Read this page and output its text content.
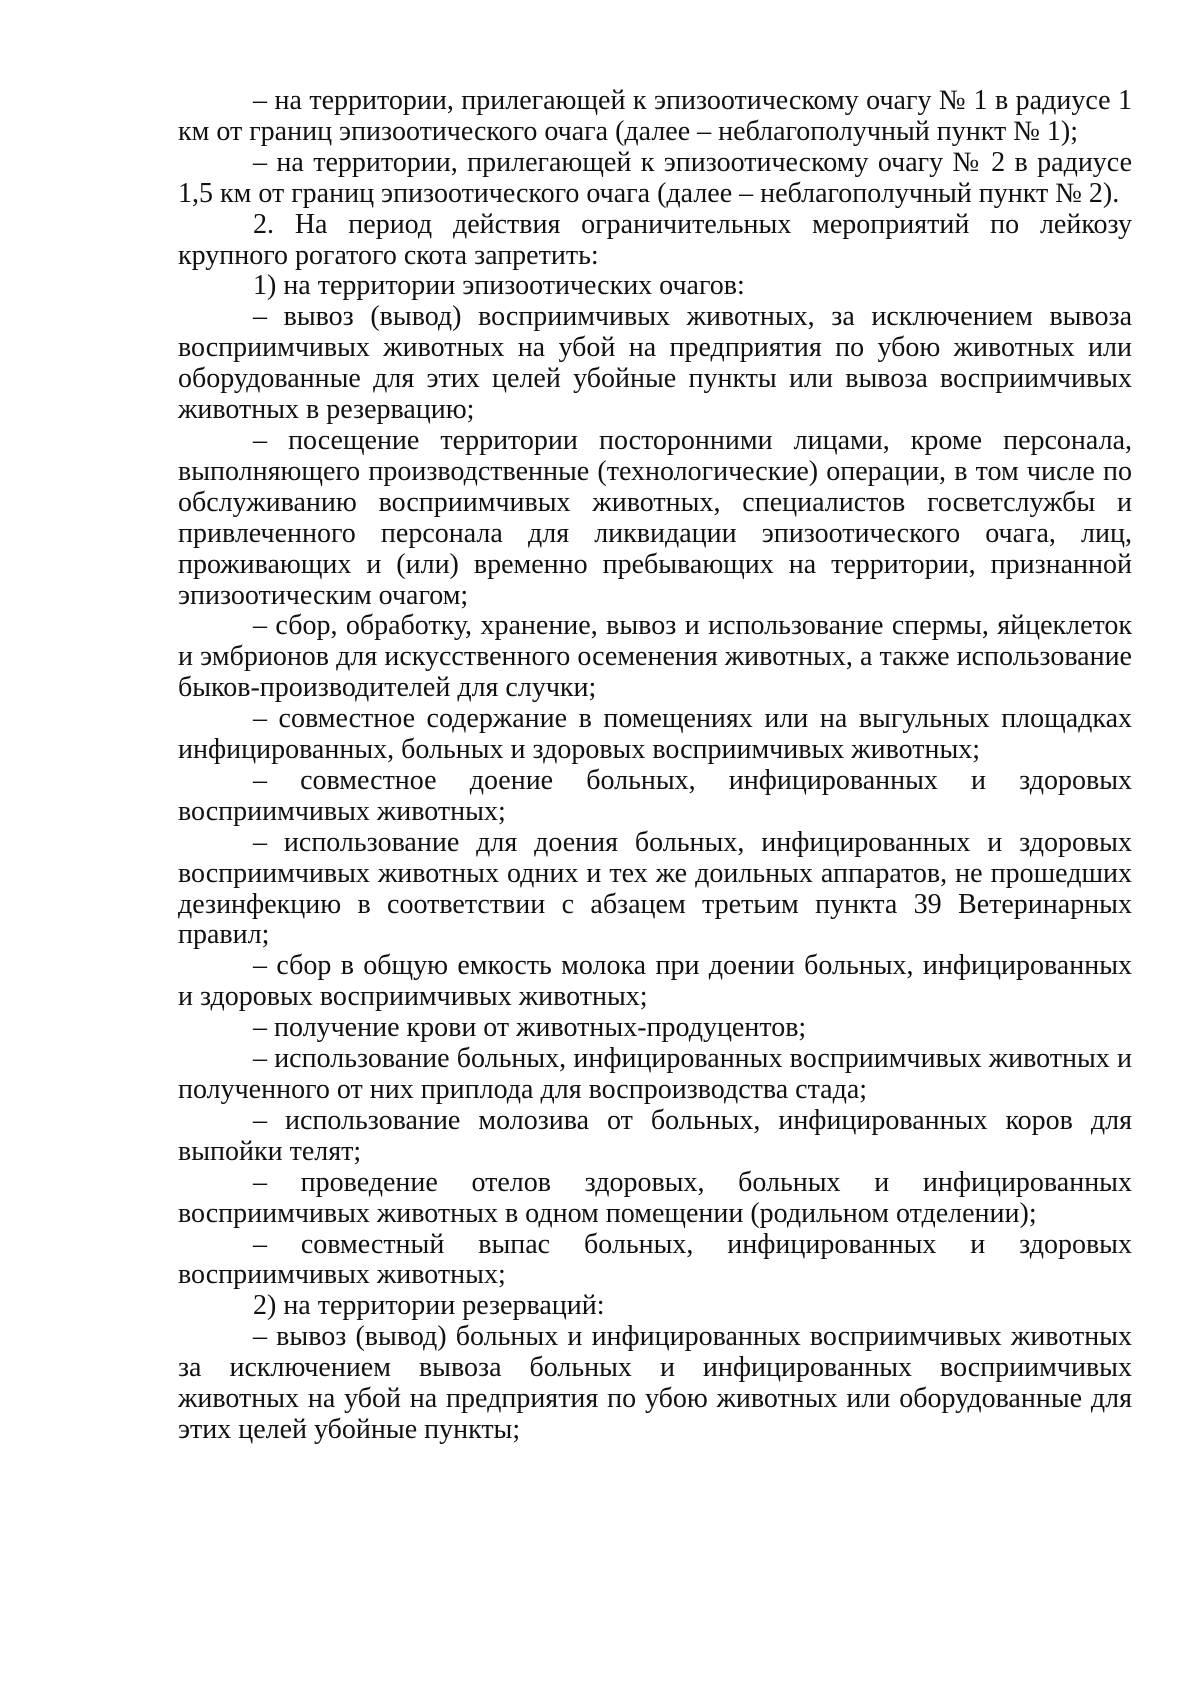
– на территории, прилегающей к эпизоотическому очагу № 1 в радиусе 1 км от границ эпизоотического очага (далее – неблагополучный пункт № 1);

– на территории, прилегающей к эпизоотическому очагу № 2 в радиусе 1,5 км от границ эпизоотического очага (далее – неблагополучный пункт № 2).

2. На период действия ограничительных мероприятий по лейкозу крупного рогатого скота запретить:

1) на территории эпизоотических очагов:

– вывоз (вывод) восприимчивых животных, за исключением вывоза восприимчивых животных на убой на предприятия по убою животных или оборудованные для этих целей убойные пункты или вывоза восприимчивых животных в резервацию;

– посещение территории посторонними лицами, кроме персонала, выполняющего производственные (технологические) операции, в том числе по обслуживанию восприимчивых животных, специалистов госветслужбы и привлеченного персонала для ликвидации эпизоотического очага, лиц, проживающих и (или) временно пребывающих на территории, признанной эпизоотическим очагом;

– сбор, обработку, хранение, вывоз и использование спермы, яйцеклеток и эмбрионов для искусственного осеменения животных, а также использование быков-производителей для случки;

– совместное содержание в помещениях или на выгульных площадках инфицированных, больных и здоровых восприимчивых животных;

– совместное доение больных, инфицированных и здоровых восприимчивых животных;

– использование для доения больных, инфицированных и здоровых восприимчивых животных одних и тех же доильных аппаратов, не прошедших дезинфекцию в соответствии с абзацем третьим пункта 39 Ветеринарных правил;

– сбор в общую емкость молока при доении больных, инфицированных и здоровых восприимчивых животных;

– получение крови от животных-продуцентов;

– использование больных, инфицированных восприимчивых животных и полученного от них приплода для воспроизводства стада;

– использование молозива от больных, инфицированных коров для выпойки телят;

– проведение отелов здоровых, больных и инфицированных восприимчивых животных в одном помещении (родильном отделении);

– совместный выпас больных, инфицированных и здоровых восприимчивых животных;

2) на территории резерваций:

– вывоз (вывод) больных и инфицированных восприимчивых животных за исключением вывоза больных и инфицированных восприимчивых животных на убой на предприятия по убою животных или оборудованные для этих целей убойные пункты;
